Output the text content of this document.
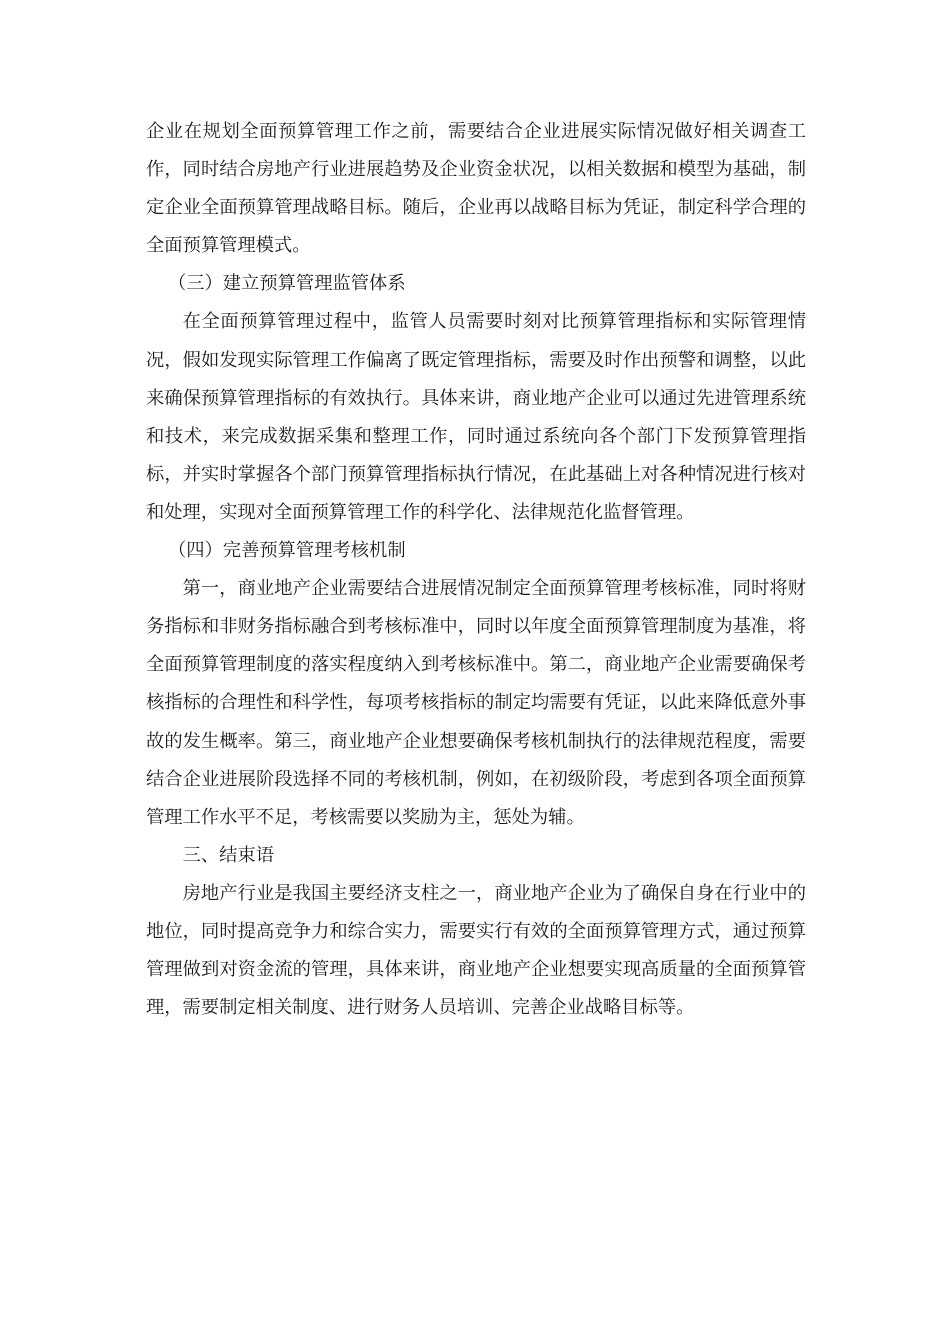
企业在规划全面预算管理工作之前，需要结合企业进展实际情况做好相关调查工作，同时结合房地产行业进展趋势及企业资金状况，以相关数据和模型为基础，制定企业全面预算管理战略目标。随后，企业再以战略目标为凭证，制定科学合理的全面预算管理模式。

（三）建立预算管理监管体系

在全面预算管理过程中，监管人员需要时刻对比预算管理指标和实际管理情况，假如发现实际管理工作偏离了既定管理指标，需要及时作出预警和调整，以此来确保预算管理指标的有效执行。具体来讲，商业地产企业可以通过先进管理系统和技术，来完成数据采集和整理工作，同时通过系统向各个部门下发预算管理指标，并实时掌握各个部门预算管理指标执行情况，在此基础上对各种情况进行核对和处理，实现对全面预算管理工作的科学化、法律规范化监督管理。

（四）完善预算管理考核机制

第一，商业地产企业需要结合进展情况制定全面预算管理考核标准，同时将财务指标和非财务指标融合到考核标准中，同时以年度全面预算管理制度为基准，将全面预算管理制度的落实程度纳入到考核标准中。第二，商业地产企业需要确保考核指标的合理性和科学性，每项考核指标的制定均需要有凭证，以此来降低意外事故的发生概率。第三，商业地产企业想要确保考核机制执行的法律规范程度，需要结合企业进展阶段选择不同的考核机制，例如，在初级阶段，考虑到各项全面预算管理工作水平不足，考核需要以奖励为主，惩处为辅。

三、结束语

房地产行业是我国主要经济支柱之一，商业地产企业为了确保自身在行业中的地位，同时提高竞争力和综合实力，需要实行有效的全面预算管理方式，通过预算管理做到对资金流的管理，具体来讲，商业地产企业想要实现高质量的全面预算管理，需要制定相关制度、进行财务人员培训、完善企业战略目标等。
